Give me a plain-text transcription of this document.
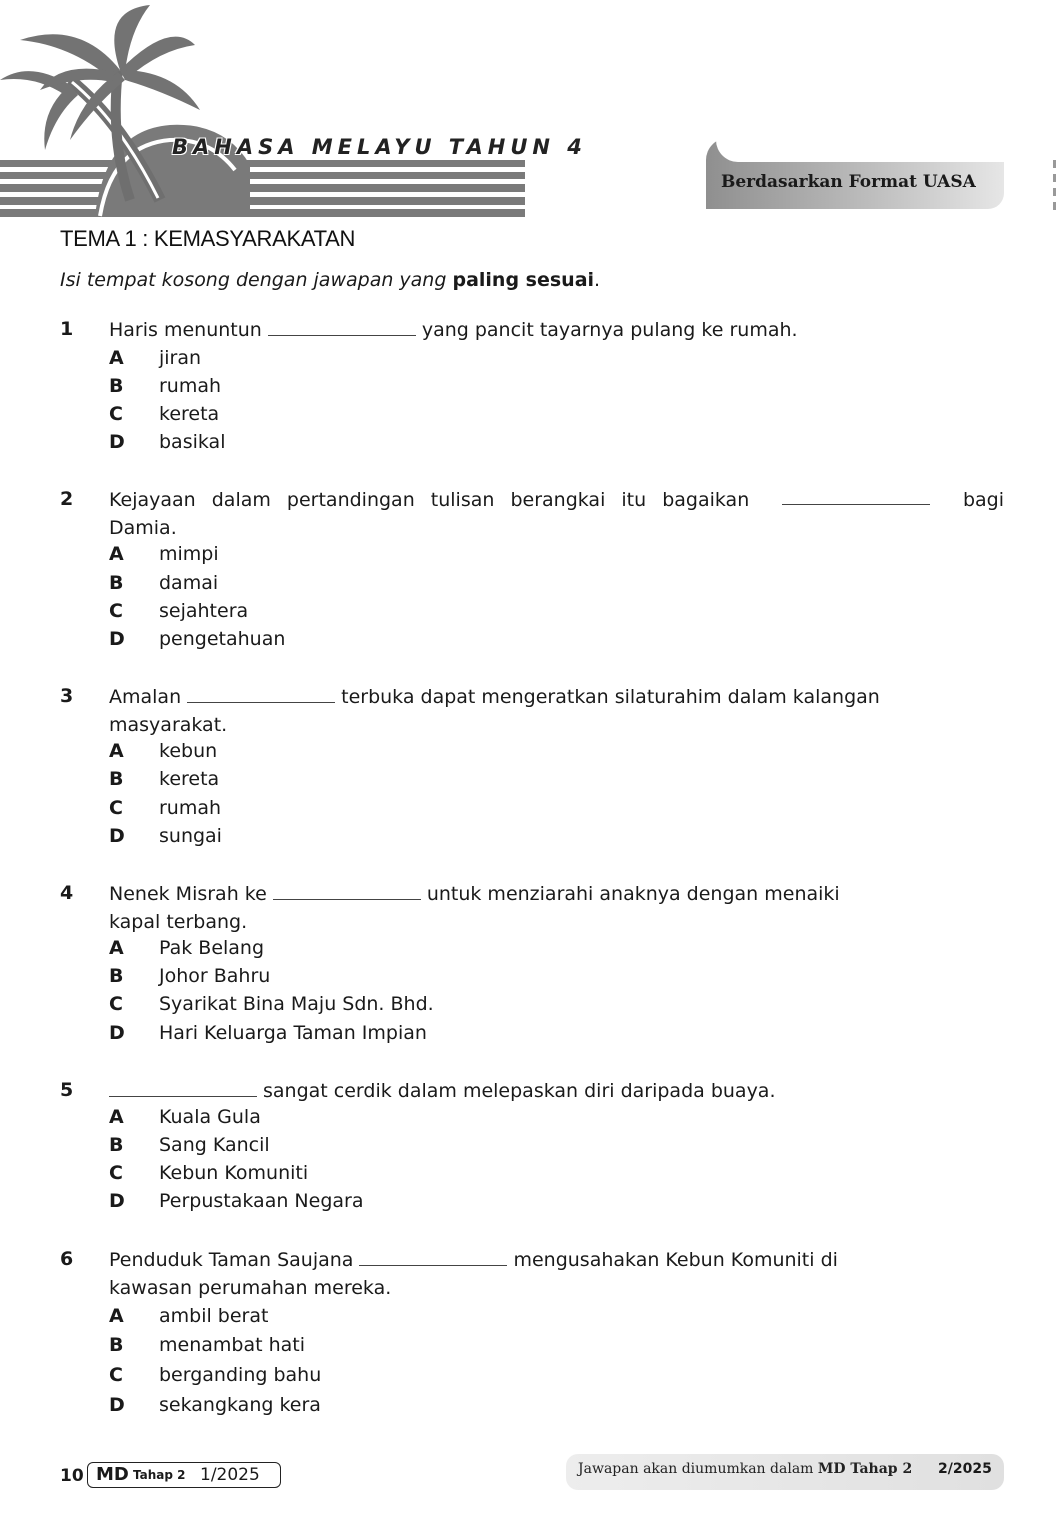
BAHASA MELAYU TAHUN 4
Berdasarkan Format UASA
TEMA 1 : KEMASYARAKATAN
Isi tempat kosong dengan jawapan yang paling sesuai.
1 Haris menuntun	yang pancit tayarnya pulang ke rumah.
A jiran
B rumah
C kereta
D basikal
2 Kejayaan dalam pertandingan tulisan berangkai itu bagaikan	bagi
Damia.
A mimpi
B damai
C sejahtera
D pengetahuan
3 Amalan	terbuka dapat mengeratkan silaturahim dalam kalangan
masyarakat.
A kebun
B kereta
C rumah
D sungai
4 Nenek Misrah ke	untuk menziarahi anaknya dengan menaiki
kapal terbang.
A Pak Belang
B Johor Bahru
C Syarikat Bina Maju Sdn. Bhd.
D Hari Keluarga Taman Impian
5	sangat cerdik dalam melepaskan diri daripada buaya.
A Kuala Gula
B Sang Kancil
C Kebun Komuniti
D Perpustakaan Negara
6 Penduduk Taman Saujana	mengusahakan Kebun Komuniti di
kawasan perumahan mereka.
A ambil berat
B menambat hati
C berganding bahu
D sekangkang kera
10 MD Tahap 2 1/2025	Jawapan akan diumumkan dalam MD Tahap 2 2/2025
